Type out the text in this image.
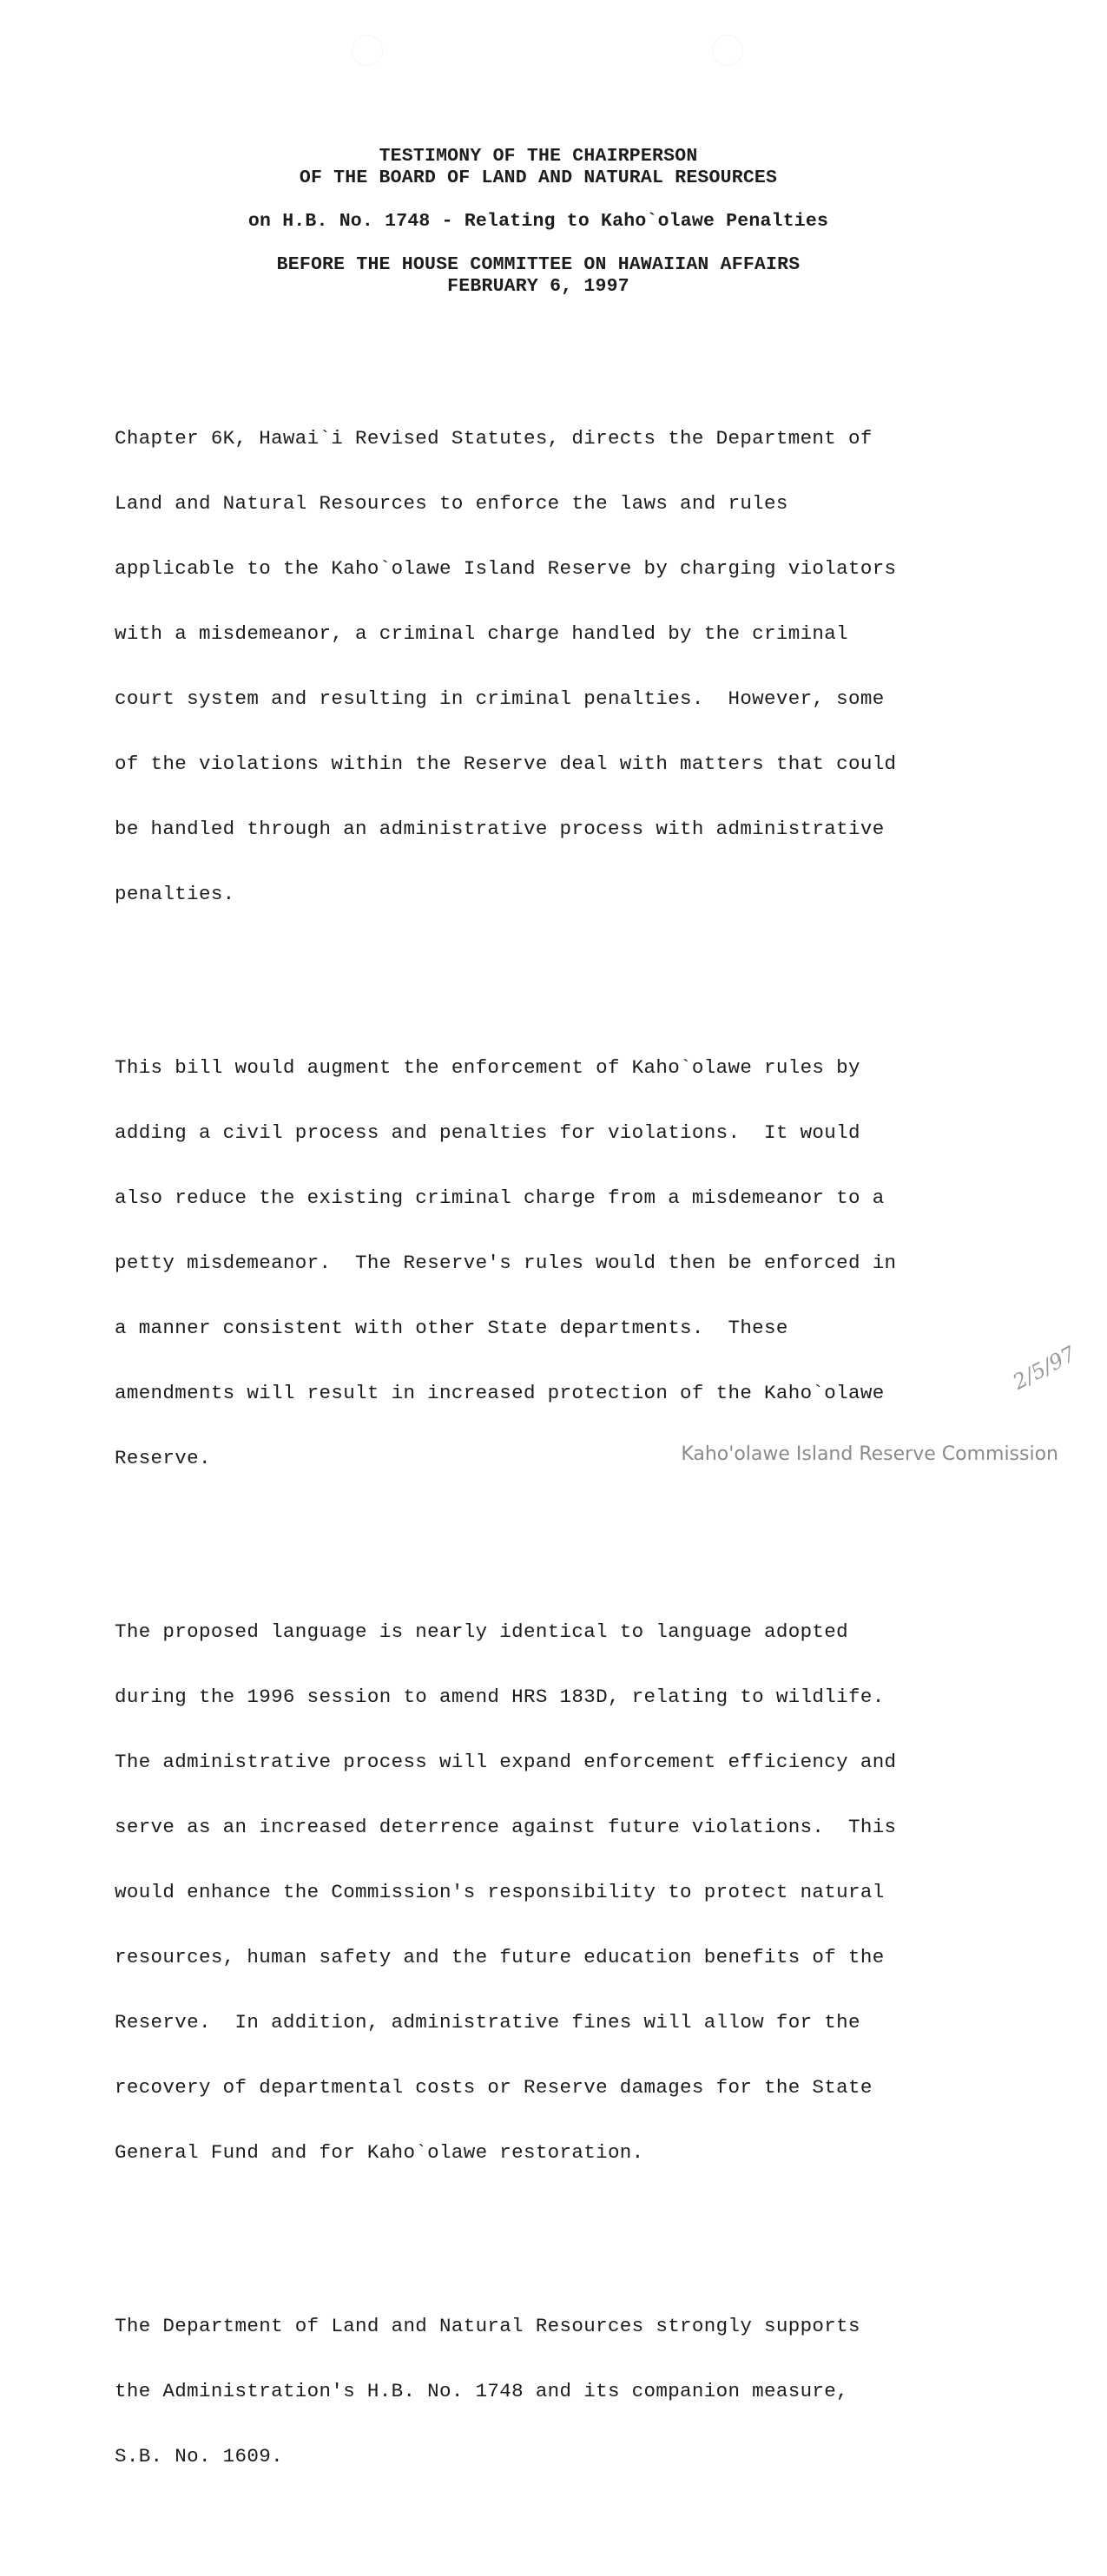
TESTIMONY OF THE CHAIRPERSON
OF THE BOARD OF LAND AND NATURAL RESOURCES
on H.B. No. 1748 - Relating to Kaho`olawe Penalties
BEFORE THE HOUSE COMMITTEE ON HAWAIIAN AFFAIRS
FEBRUARY 6, 1997

Chapter 6K, Hawai`i Revised Statutes, directs the Department of

Land and Natural Resources to enforce the laws and rules

applicable to the Kaho`olawe Island Reserve by charging violators

with a misdemeanor, a criminal charge handled by the criminal

court system and resulting in criminal penalties.  However, some

of the violations within the Reserve deal with matters that could

be handled through an administrative process with administrative

penalties.

This bill would augment the enforcement of Kaho`olawe rules by

adding a civil process and penalties for violations.  It would

also reduce the existing criminal charge from a misdemeanor to a

petty misdemeanor.  The Reserve's rules would then be enforced in

a manner consistent with other State departments.  These

amendments will result in increased protection of the Kaho`olawe

Reserve.

The proposed language is nearly identical to language adopted

during the 1996 session to amend HRS 183D, relating to wildlife.

The administrative process will expand enforcement efficiency and

serve as an increased deterrence against future violations.  This

would enhance the Commission's responsibility to protect natural

resources, human safety and the future education benefits of the

Reserve.  In addition, administrative fines will allow for the

recovery of departmental costs or Reserve damages for the State

General Fund and for Kaho`olawe restoration.

The Department of Land and Natural Resources strongly supports

the Administration's H.B. No. 1748 and its companion measure,

S.B. No. 1609.

2/5/97
Kaho'olawe Island Reserve Commission
